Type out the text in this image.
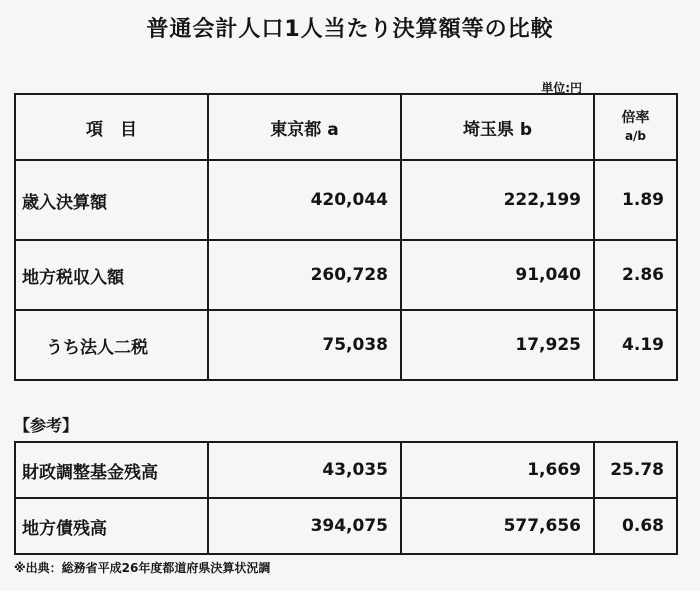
普通会計人口1人当たり決算額等の比較
単位:円
項　目	東京都 a	埼玉県 b	倍率
a/b

歳入決算額	420,044	222,199	1.89
地方税収入額	260,728	91,040	2.86
うち法人二税	75,038	17,925	4.19
【参考】
財政調整基金残高	43,035	1,669	25.78
地方債残高	394,075	577,656	0.68
※出典：総務省平成26年度都道府県決算状況調
